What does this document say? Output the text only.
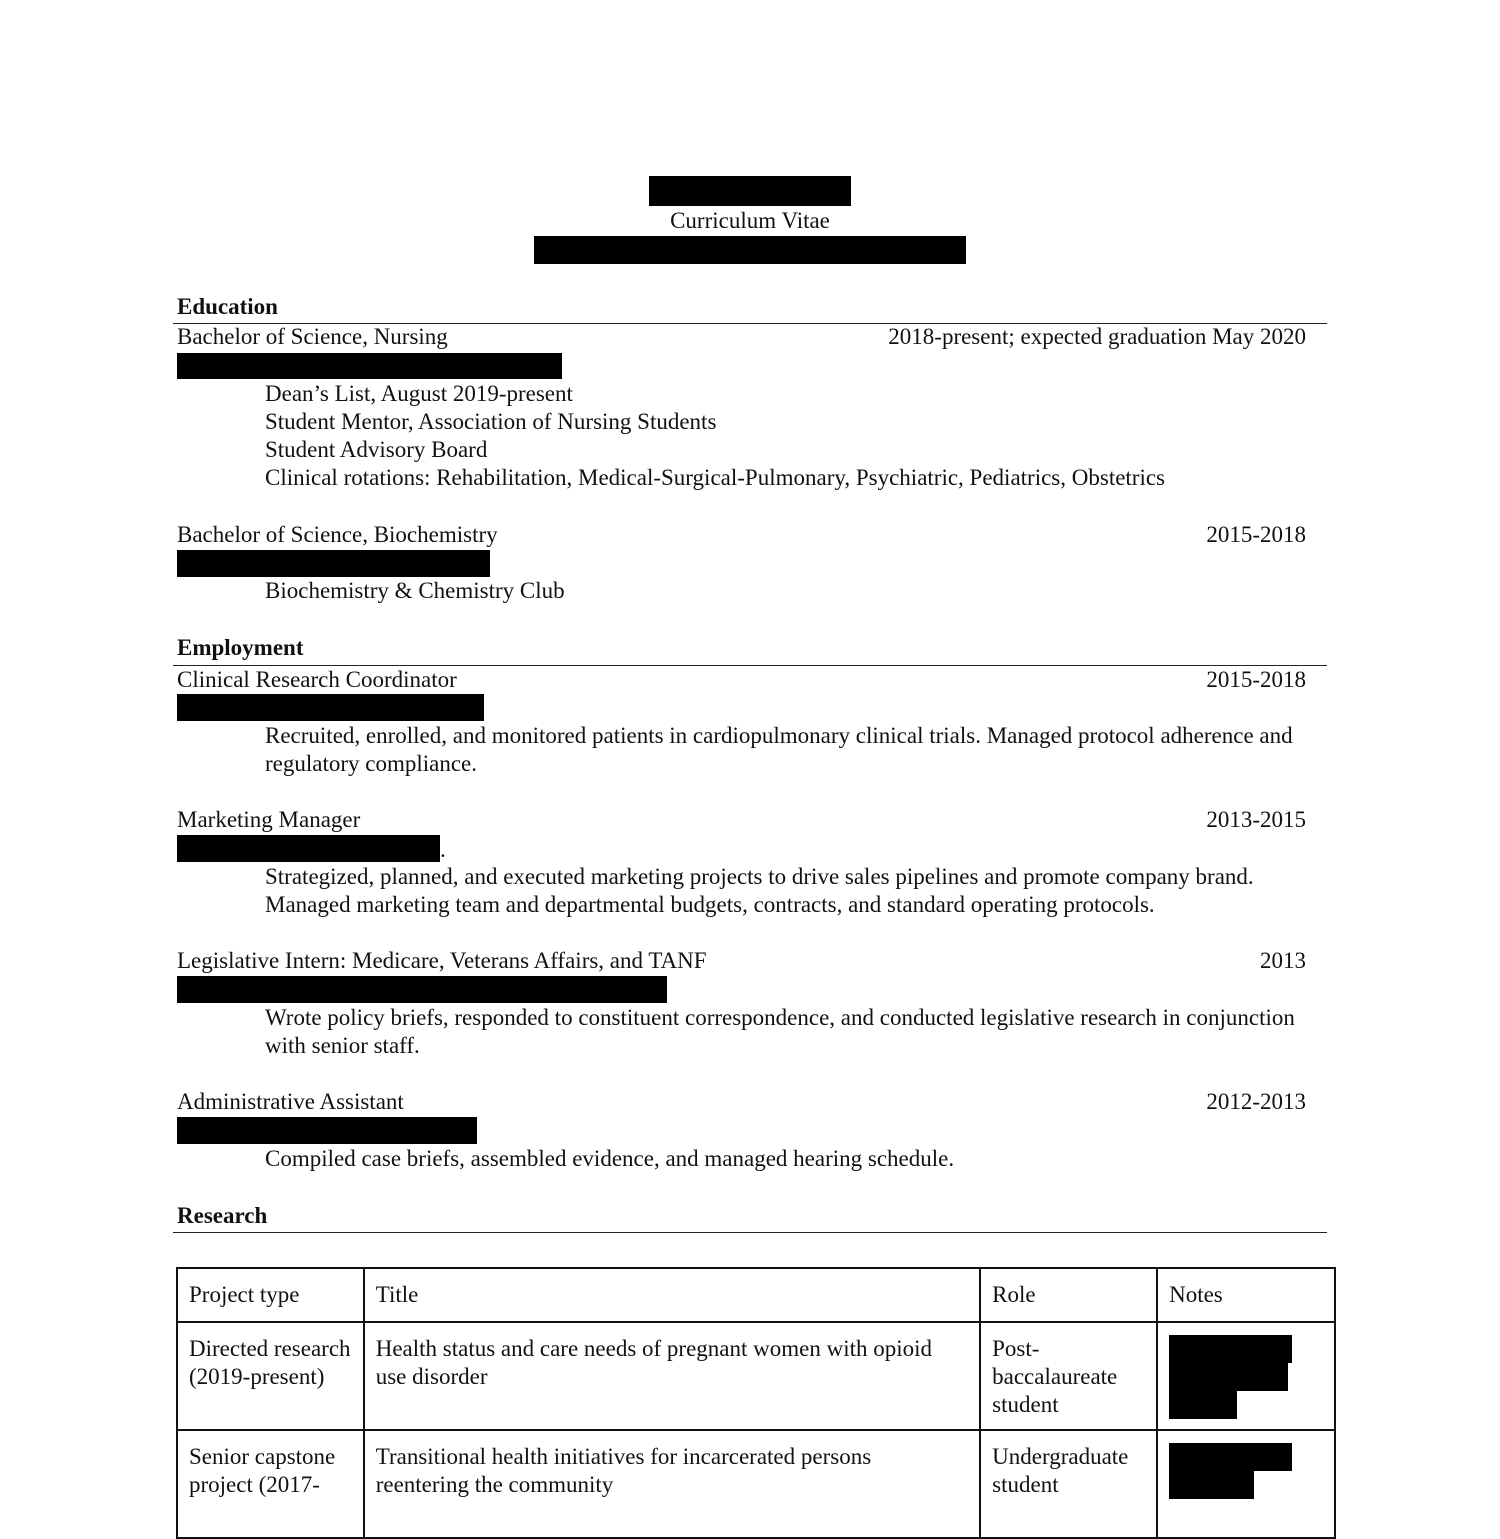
Curriculum Vitae
Education
Bachelor of Science, Nursing	2018-present; expected graduation May 2020
Dean’s List, August 2019-present
Student Mentor, Association of Nursing Students
Student Advisory Board
Clinical rotations: Rehabilitation, Medical-Surgical-Pulmonary, Psychiatric, Pediatrics, Obstetrics
Bachelor of Science, Biochemistry	2015-2018
Biochemistry & Chemistry Club
Employment
Clinical Research Coordinator	2015-2018
Recruited, enrolled, and monitored patients in cardiopulmonary clinical trials. Managed protocol adherence and regulatory compliance.
Marketing Manager	2013-2015
.
Strategized, planned, and executed marketing projects to drive sales pipelines and promote company brand. Managed marketing team and departmental budgets, contracts, and standard operating protocols.
Legislative Intern: Medicare, Veterans Affairs, and TANF	2013
Wrote policy briefs, responded to constituent correspondence, and conducted legislative research in conjunction with senior staff.
Administrative Assistant	2012-2013
Compiled case briefs, assembled evidence, and managed hearing schedule.
Research
Project type	Title	Role	Notes
Directed research (2019-present)	Health status and care needs of pregnant women with opioid use disorder	Post-baccalaureate student	

Senior capstone project (2017-	Transitional health initiatives for incarcerated persons reentering the community	Undergraduate student	
